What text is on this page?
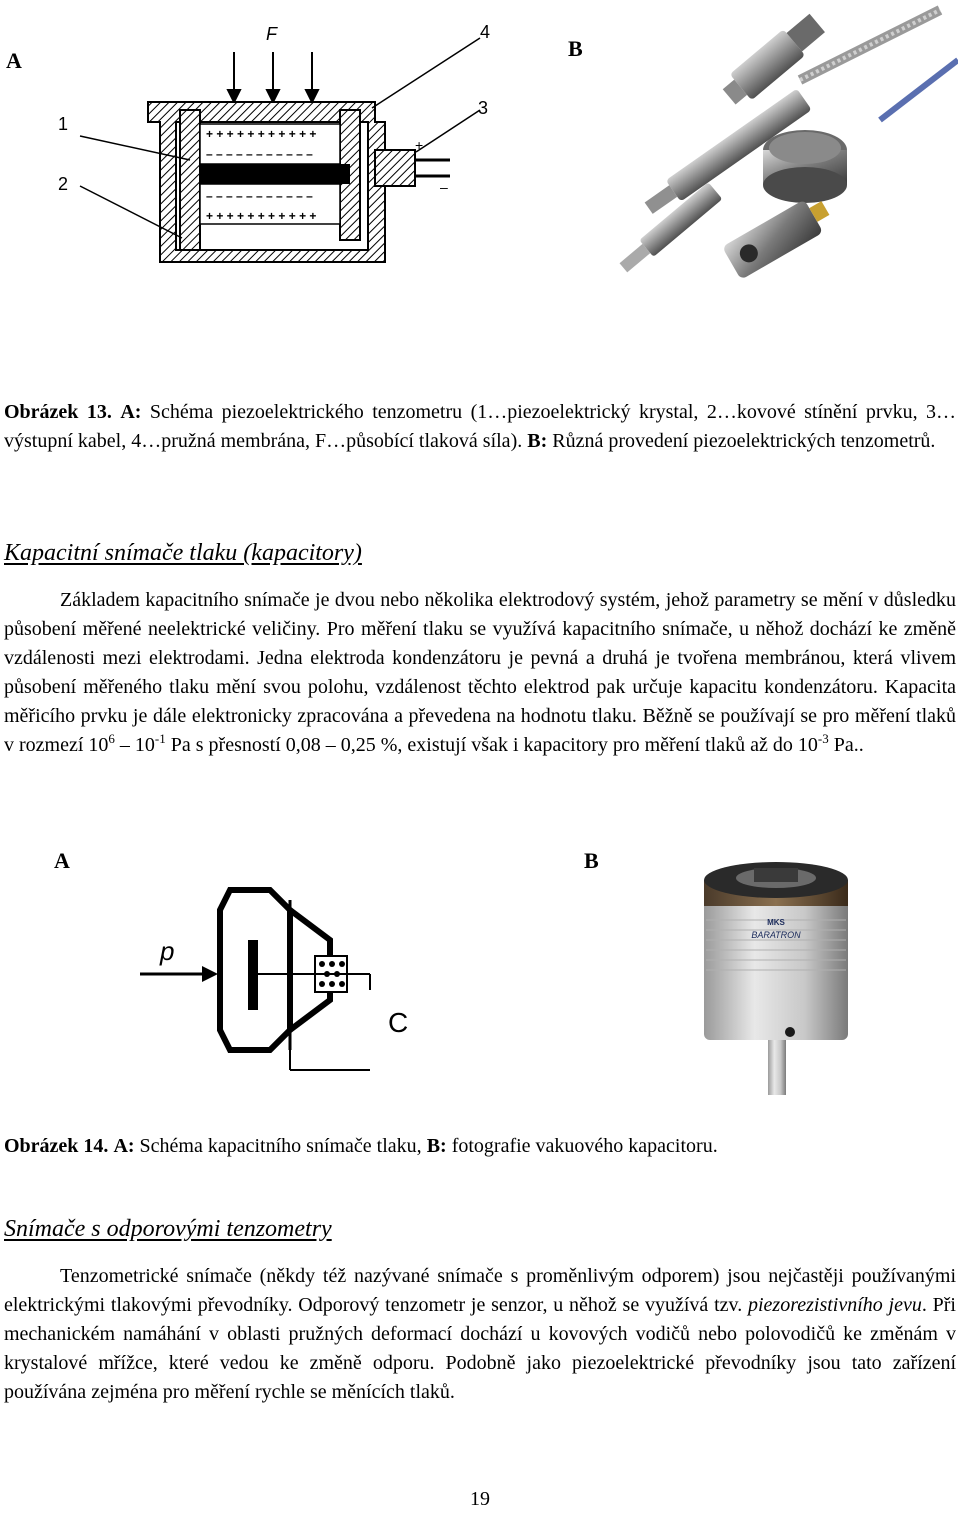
A	B
F
+ + + + + + + + + + +
– – – – – – – – – – –
– – – – – – – – – – –
+ + + + + + + + + + +
+
–
1
2
3
4
Obrázek 13. A: Schéma piezoelektrického tenzometru (1…piezoelektrický krystal, 2…kovové stínění prvku, 3…výstupní kabel, 4…pružná membrána, F…působící tlaková síla). B: Různá provedení piezoelektrických tenzometrů.
Kapacitní snímače tlaku (kapacitory)
Základem kapacitního snímače je dvou nebo několika elektrodový systém, jehož parametry se mění v důsledku působení měřené neelektrické veličiny. Pro měření tlaku se využívá kapacitního snímače, u něhož dochází ke změně vzdálenosti mezi elektrodami. Jedna elektroda kondenzátoru je pevná a druhá je tvořena membránou, která vlivem působení měřeného tlaku mění svou polohu, vzdálenost těchto elektrod pak určuje kapacitu kondenzátoru. Kapacita měřicího prvku je dále elektronicky zpracována a převedena na hodnotu tlaku. Běžně se používají se pro měření tlaků v rozmezí $10^6 - 10^{-1}$ Pa s přesností 0,08 – 0,25 %, existují však i kapacitory pro měření tlaků až do $10^{-3}$ Pa..
A	B
p
C
MKS
BARATRON
Obrázek 14. A: Schéma kapacitního snímače tlaku, B: fotografie vakuového kapacitoru.
Snímače s odporovými tenzometry
Tenzometrické snímače (někdy též nazývané snímače s proměnlivým odporem) jsou nejčastěji používanými elektrickými tlakovými převodníky. Odporový tenzometr je senzor, u něhož se využívá tzv. piezorezistivního jevu. Při mechanickém namáhání v oblasti pružných deformací dochází u kovových vodičů nebo polovodičů ke změnám v krystalové mřížce, které vedou ke změně odporu. Podobně jako piezoelektrické převodníky jsou tato zařízení používána zejména pro měření rychle se měnících tlaků.
19
